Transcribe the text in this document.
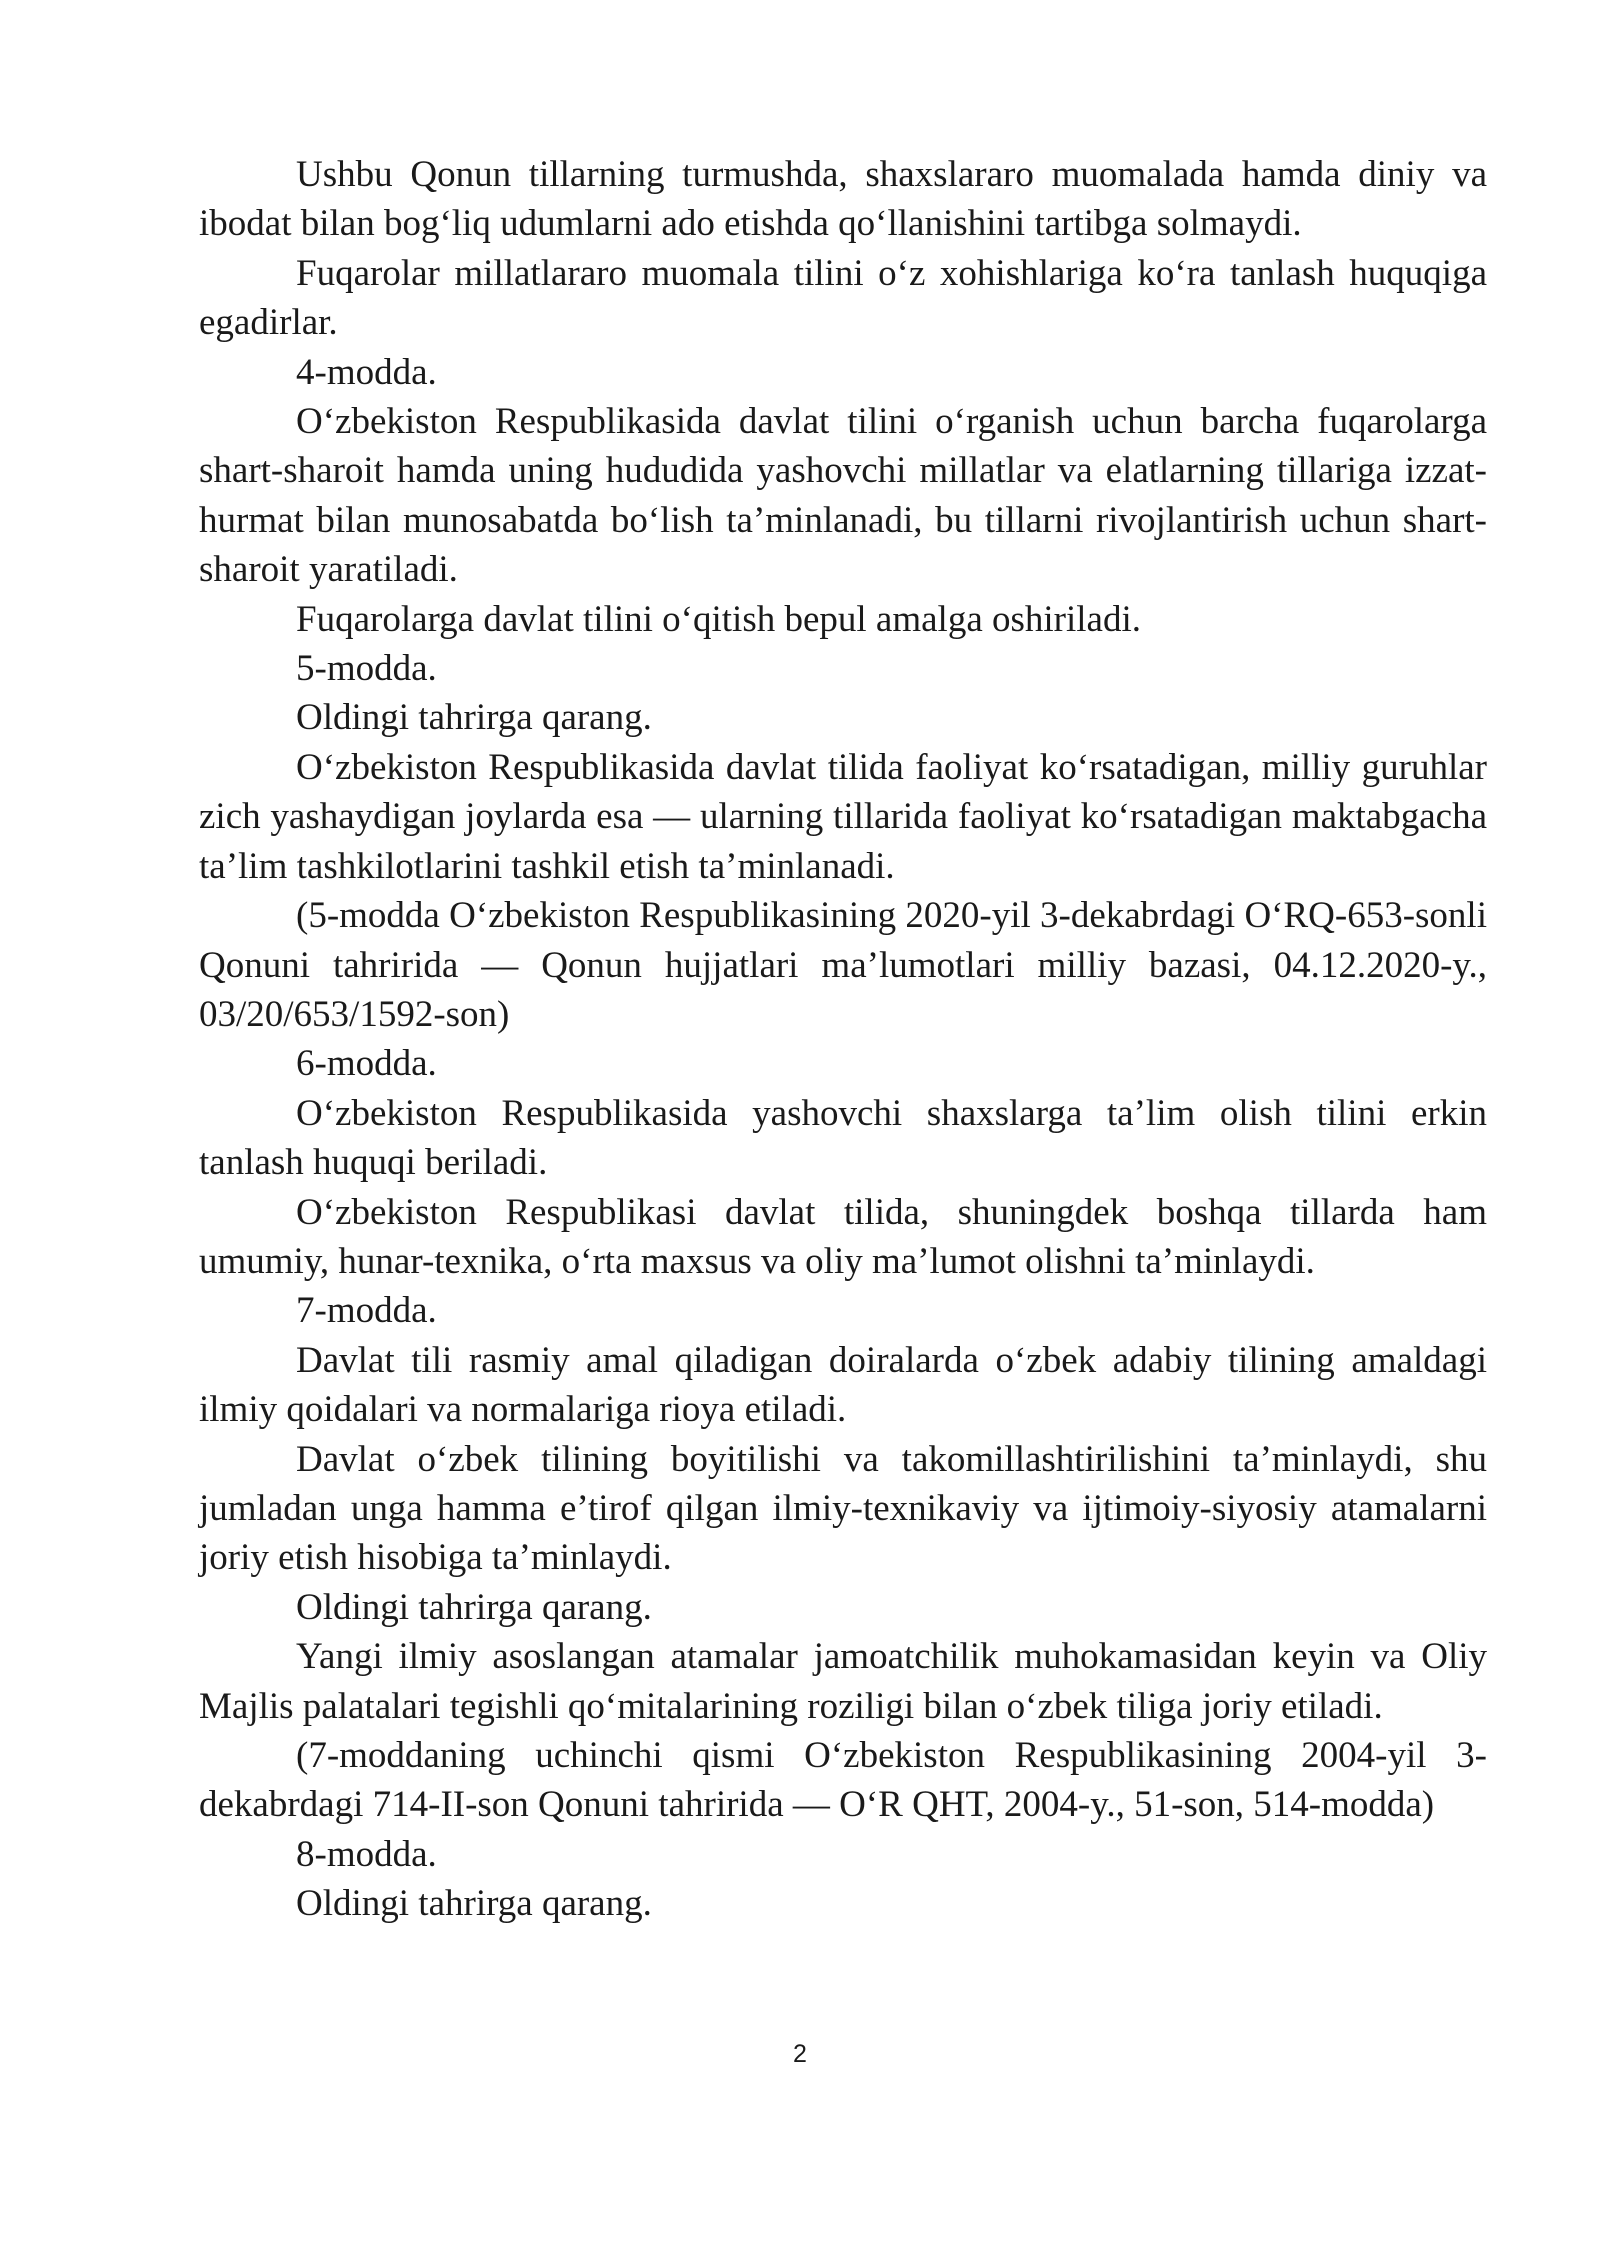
Ushbu Qonun tillarning turmushda, shaxslararo muomalada hamda diniy va ibodat bilan bog‘liq udumlarni ado etishda qo‘llanishini tartibga solmaydi.

Fuqarolar millatlararo muomala tilini o‘z xohishlariga ko‘ra tanlash huquqiga egadirlar.

4-modda.

O‘zbekiston Respublikasida davlat tilini o‘rganish uchun barcha fuqarolarga shart-sharoit hamda uning hududida yashovchi millatlar va elatlarning tillariga izzat-hurmat bilan munosabatda bo‘lish ta’minlanadi, bu tillarni rivojlantirish uchun shart-sharoit yaratiladi.

Fuqarolarga davlat tilini o‘qitish bepul amalga oshiriladi.

5-modda.

Oldingi tahrirga qarang.

O‘zbekiston Respublikasida davlat tilida faoliyat ko‘rsatadigan, milliy guruhlar zich yashaydigan joylarda esa — ularning tillarida faoliyat ko‘rsatadigan maktabgacha ta’lim tashkilotlarini tashkil etish ta’minlanadi.

(5-modda O‘zbekiston Respublikasining 2020-yil 3-dekabrdagi O‘RQ-653-sonli Qonuni tahririda — Qonun hujjatlari ma’lumotlari milliy bazasi, 04.12.2020-y., 03/20/653/1592-son)

6-modda.

O‘zbekiston Respublikasida yashovchi shaxslarga ta’lim olish tilini erkin tanlash huquqi beriladi.

O‘zbekiston Respublikasi davlat tilida, shuningdek boshqa tillarda ham umumiy, hunar-texnika, o‘rta maxsus va oliy ma’lumot olishni ta’minlaydi.

7-modda.

Davlat tili rasmiy amal qiladigan doiralarda o‘zbek adabiy tilining amaldagi ilmiy qoidalari va normalariga rioya etiladi.

Davlat o‘zbek tilining boyitilishi va takomillashtirilishini ta’minlaydi, shu jumladan unga hamma e’tirof qilgan ilmiy-texnikaviy va ijtimoiy-siyosiy atamalarni joriy etish hisobiga ta’minlaydi.

Oldingi tahrirga qarang.

Yangi ilmiy asoslangan atamalar jamoatchilik muhokamasidan keyin va Oliy Majlis palatalari tegishli qo‘mitalarining roziligi bilan o‘zbek tiliga joriy etiladi.

(7-moddaning uchinchi qismi O‘zbekiston Respublikasining 2004-yil 3-dekabrdagi 714-II-son Qonuni tahririda — O‘R QHT, 2004-y., 51-son, 514-modda)

8-modda.

Oldingi tahrirga qarang.

2
